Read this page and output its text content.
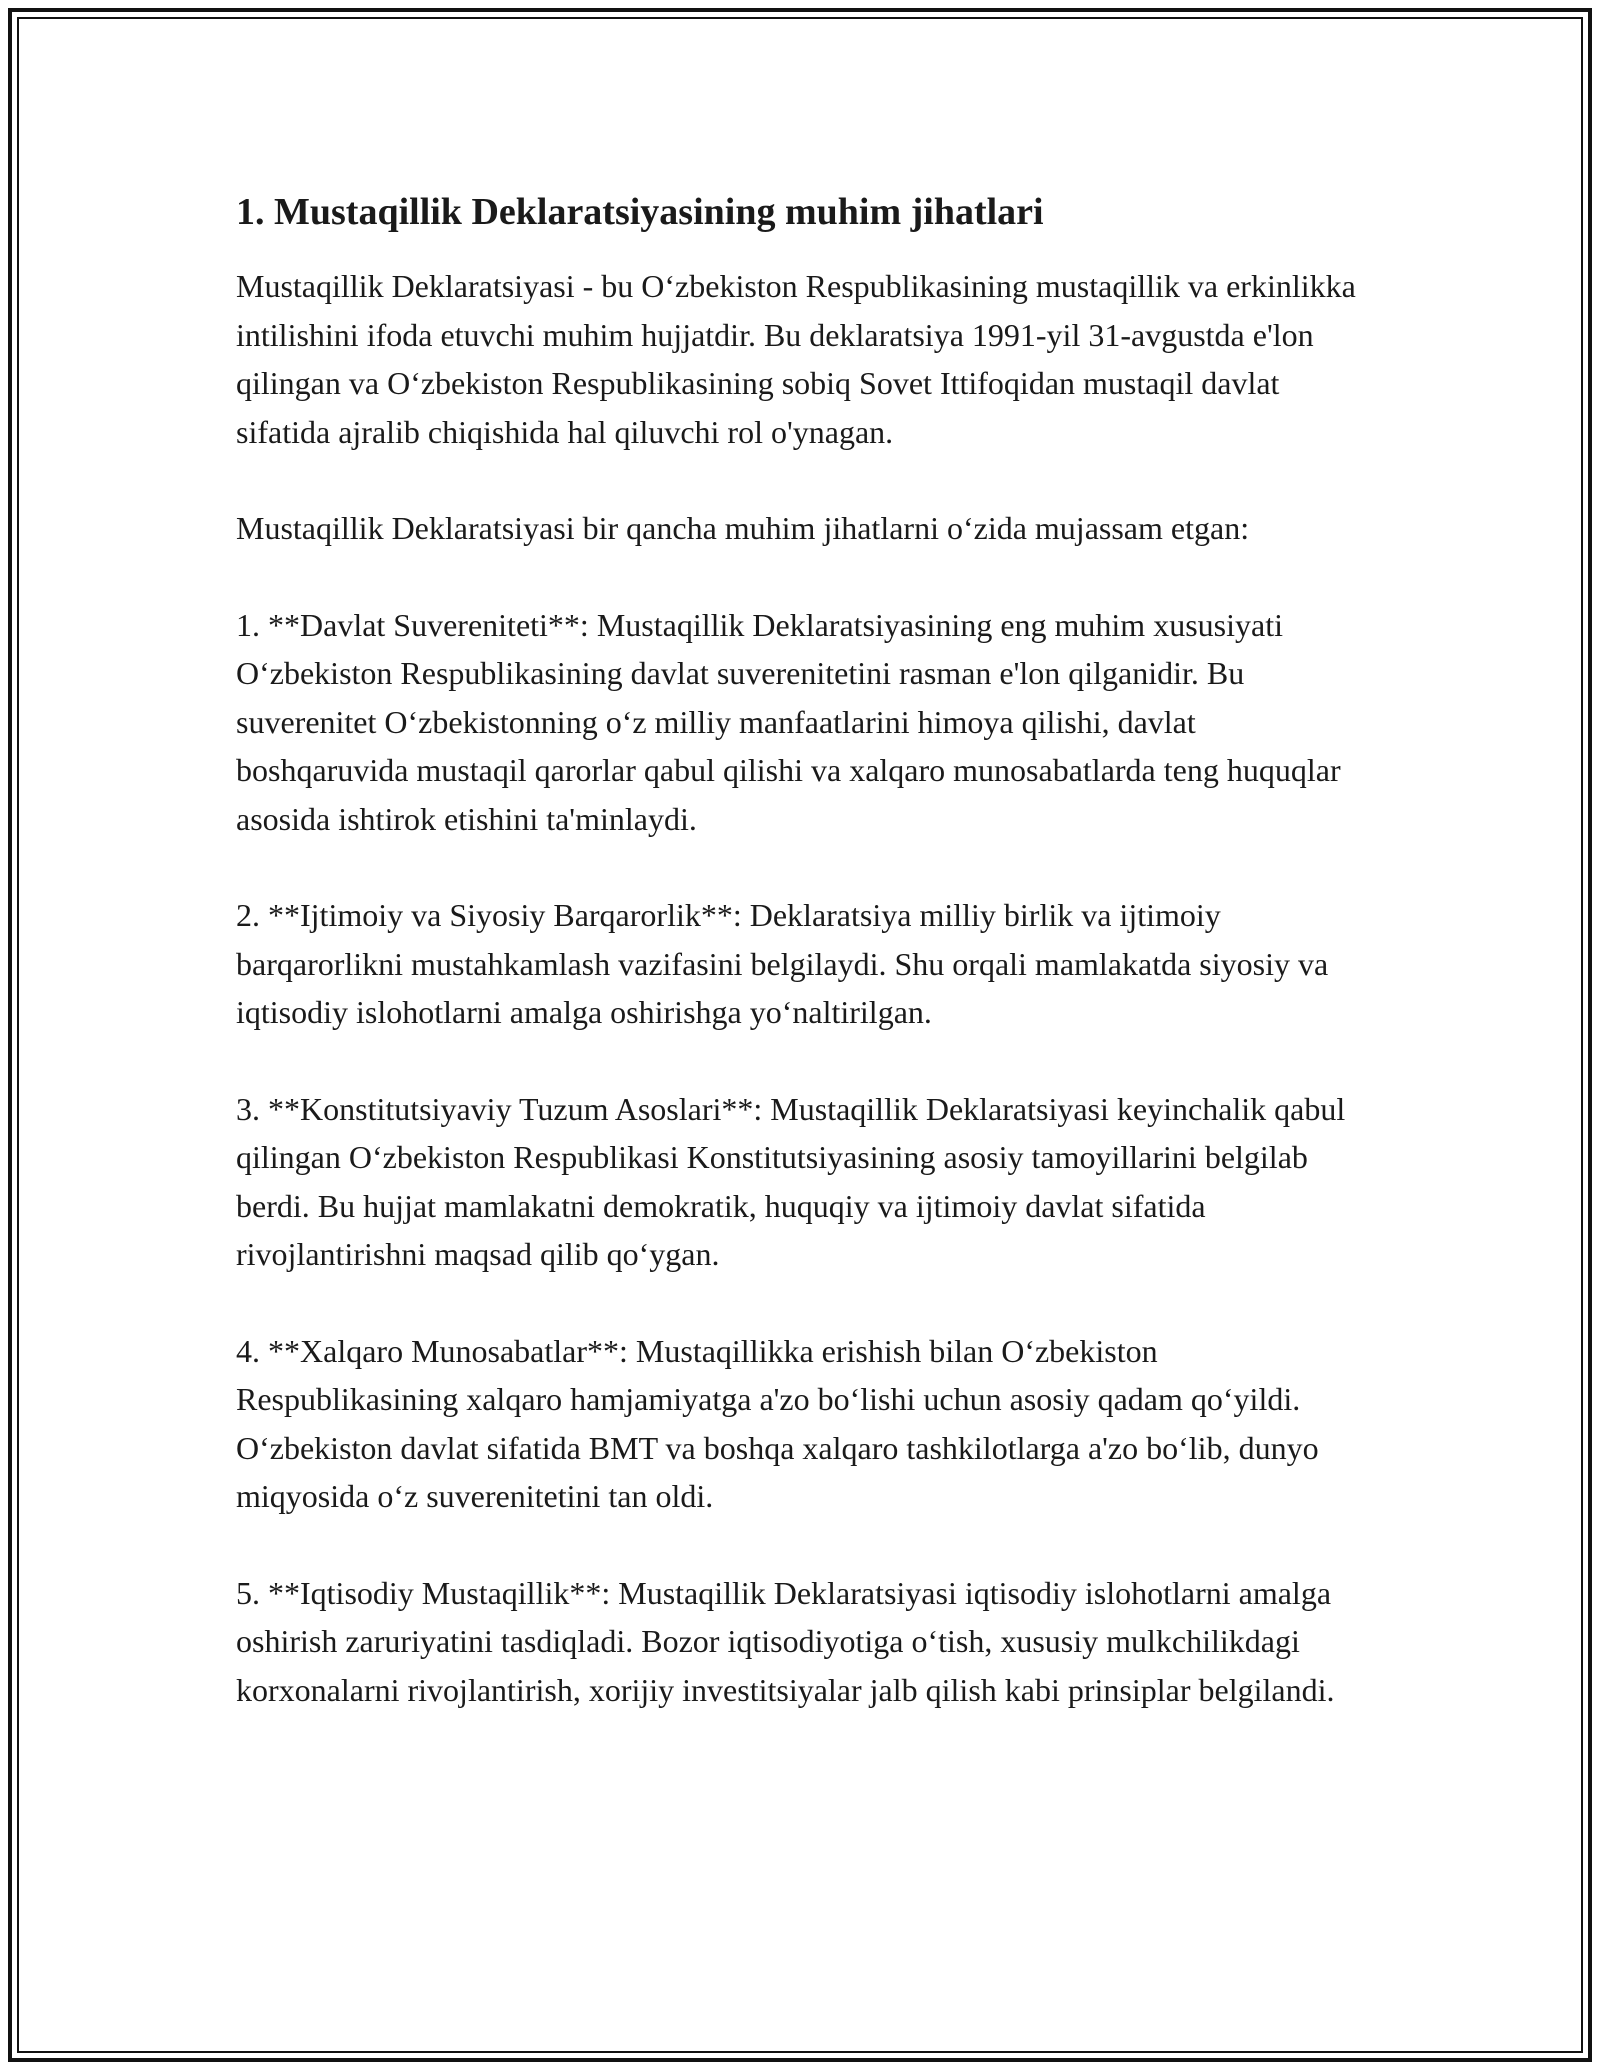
1. Mustaqillik Deklaratsiyasining muhim jihatlari

Mustaqillik Deklaratsiyasi - bu O‘zbekiston Respublikasining mustaqillik va erkinlikka intilishini ifoda etuvchi muhim hujjatdir. Bu deklaratsiya 1991-yil 31-avgustda e'lon qilingan va O‘zbekiston Respublikasining sobiq Sovet Ittifoqidan mustaqil davlat sifatida ajralib chiqishida hal qiluvchi rol o'ynagan.

Mustaqillik Deklaratsiyasi bir qancha muhim jihatlarni o‘zida mujassam etgan:

1. **Davlat Suvereniteti**: Mustaqillik Deklaratsiyasining eng muhim xususiyati O‘zbekiston Respublikasining davlat suverenitetini rasman e'lon qilganidir. Bu suverenitet O‘zbekistonning o‘z milliy manfaatlarini himoya qilishi, davlat boshqaruvida mustaqil qarorlar qabul qilishi va xalqaro munosabatlarda teng huquqlar asosida ishtirok etishini ta'minlaydi.

2. **Ijtimoiy va Siyosiy Barqarorlik**: Deklaratsiya milliy birlik va ijtimoiy barqarorlikni mustahkamlash vazifasini belgilaydi. Shu orqali mamlakatda siyosiy va iqtisodiy islohotlarni amalga oshirishga yo‘naltirilgan.

3. **Konstitutsiyaviy Tuzum Asoslari**: Mustaqillik Deklaratsiyasi keyinchalik qabul qilingan O‘zbekiston Respublikasi Konstitutsiyasining asosiy tamoyillarini belgilab berdi. Bu hujjat mamlakatni demokratik, huquqiy va ijtimoiy davlat sifatida rivojlantirishni maqsad qilib qo‘ygan.

4. **Xalqaro Munosabatlar**: Mustaqillikka erishish bilan O‘zbekiston Respublikasining xalqaro hamjamiyatga a'zo bo‘lishi uchun asosiy qadam qo‘yildi. O‘zbekiston davlat sifatida BMT va boshqa xalqaro tashkilotlarga a'zo bo‘lib, dunyo miqyosida o‘z suverenitetini tan oldi.

5. **Iqtisodiy Mustaqillik**: Mustaqillik Deklaratsiyasi iqtisodiy islohotlarni amalga oshirish zaruriyatini tasdiqladi. Bozor iqtisodiyotiga o‘tish, xususiy mulkchilikdagi korxonalarni rivojlantirish, xorijiy investitsiyalar jalb qilish kabi prinsiplar belgilandi.
